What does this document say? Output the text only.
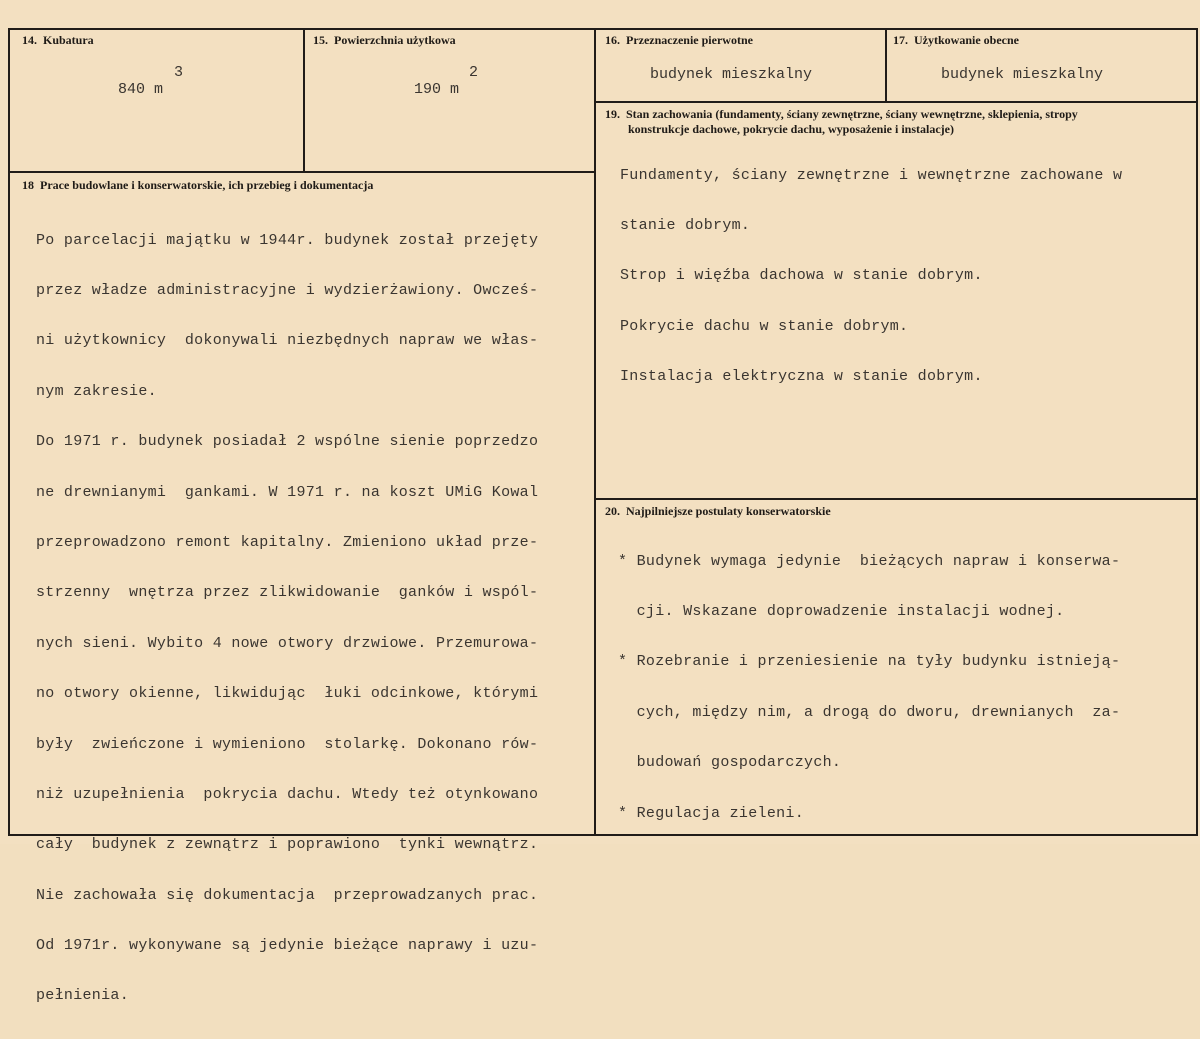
14. Kubatura
3
840 m
15. Powierzchnia użytkowa
2
190 m
16. Przeznaczenie pierwotne
budynek mieszkalny
17. Użytkowanie obecne
budynek mieszkalny
18 Prace budowlane i konserwatorskie, ich przebieg i dokumentacja

Po parcelacji majątku w 1944r. budynek został przejęty

przez władze administracyjne i wydzierżawiony. Owcześ-

ni użytkownicy  dokonywali niezbędnych napraw we włas-

nym zakresie.

Do 1971 r. budynek posiadał 2 wspólne sienie poprzedzo

ne drewnianymi  gankami. W 1971 r. na koszt UMiG Kowal

przeprowadzono remont kapitalny. Zmieniono układ prze-

strzenny  wnętrza przez zlikwidowanie  ganków i wspól-

nych sieni. Wybito 4 nowe otwory drzwiowe. Przemurowa-

no otwory okienne, likwidując  łuki odcinkowe, którymi

były  zwieńczone i wymieniono  stolarkę. Dokonano rów-

niż uzupełnienia  pokrycia dachu. Wtedy też otynkowano

cały  budynek z zewnątrz i poprawiono  tynki wewnątrz.

Nie zachowała się dokumentacja  przeprowadzanych prac.

Od 1971r. wykonywane są jedynie bieżące naprawy i uzu-

pełnienia.

19. Stan zachowania (fundamenty, ściany zewnętrzne, ściany wewnętrzne, sklepienia, stropy
konstrukcje dachowe, pokrycie dachu, wyposażenie i instalacje)

Fundamenty, ściany zewnętrzne i wewnętrzne zachowane w

stanie dobrym.

Strop i więźba dachowa w stanie dobrym.

Pokrycie dachu w stanie dobrym.

Instalacja elektryczna w stanie dobrym.

20. Najpilniejsze postulaty konserwatorskie

* Budynek wymaga jedynie  bieżących napraw i konserwa-

cji. Wskazane doprowadzenie instalacji wodnej.

* Rozebranie i przeniesienie na tyły budynku istnieją-

cych, między nim, a drogą do dworu, drewnianych  za-

budowań gospodarczych.

* Regulacja zieleni.
